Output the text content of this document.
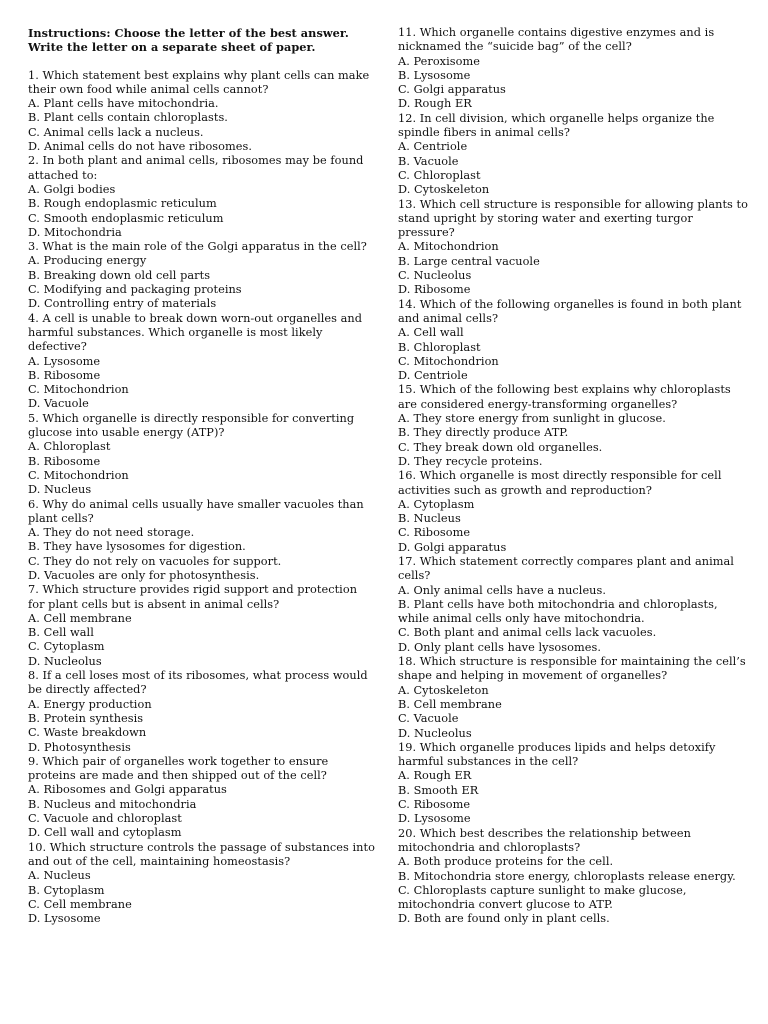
Instructions: Choose the letter of the best answer. Write the letter on a separate sheet of paper.

1. Which statement best explains why plant cells can make their own food while animal cells cannot?
A. Plant cells have mitochondria.
B. Plant cells contain chloroplasts.
C. Animal cells lack a nucleus.
D. Animal cells do not have ribosomes.
2. In both plant and animal cells, ribosomes may be found attached to:
A. Golgi bodies
B. Rough endoplasmic reticulum
C. Smooth endoplasmic reticulum
D. Mitochondria
3. What is the main role of the Golgi apparatus in the cell?
A. Producing energy
B. Breaking down old cell parts
C. Modifying and packaging proteins
D. Controlling entry of materials
4. A cell is unable to break down worn-out organelles and harmful substances. Which organelle is most likely defective?
A. Lysosome
B. Ribosome
C. Mitochondrion
D. Vacuole
5. Which organelle is directly responsible for converting glucose into usable energy (ATP)?
A. Chloroplast
B. Ribosome
C. Mitochondrion
D. Nucleus
6. Why do animal cells usually have smaller vacuoles than plant cells?
A. They do not need storage.
B. They have lysosomes for digestion.
C. They do not rely on vacuoles for support.
D. Vacuoles are only for photosynthesis.
7. Which structure provides rigid support and protection for plant cells but is absent in animal cells?
A. Cell membrane
B. Cell wall
C. Cytoplasm
D. Nucleolus
8. If a cell loses most of its ribosomes, what process would be directly affected?
A. Energy production
B. Protein synthesis
C. Waste breakdown
D. Photosynthesis
9. Which pair of organelles work together to ensure proteins are made and then shipped out of the cell?
A. Ribosomes and Golgi apparatus
B. Nucleus and mitochondria
C. Vacuole and chloroplast
D. Cell wall and cytoplasm
10. Which structure controls the passage of substances into and out of the cell, maintaining homeostasis?
A. Nucleus
B. Cytoplasm
C. Cell membrane
D. Lysosome
11. Which organelle contains digestive enzymes and is nicknamed the “suicide bag” of the cell?
A. Peroxisome
B. Lysosome
C. Golgi apparatus
D. Rough ER
12. In cell division, which organelle helps organize the spindle fibers in animal cells?
A. Centriole
B. Vacuole
C. Chloroplast
D. Cytoskeleton
13. Which cell structure is responsible for allowing plants to stand upright by storing water and exerting turgor pressure?
A. Mitochondrion
B. Large central vacuole
C. Nucleolus
D. Ribosome
14. Which of the following organelles is found in both plant and animal cells?
A. Cell wall
B. Chloroplast
C. Mitochondrion
D. Centriole
15. Which of the following best explains why chloroplasts are considered energy-transforming organelles?
A. They store energy from sunlight in glucose.
B. They directly produce ATP.
C. They break down old organelles.
D. They recycle proteins.
16. Which organelle is most directly responsible for cell activities such as growth and reproduction?
A. Cytoplasm
B. Nucleus
C. Ribosome
D. Golgi apparatus
17. Which statement correctly compares plant and animal cells?
A. Only animal cells have a nucleus.
B. Plant cells have both mitochondria and chloroplasts, while animal cells only have mitochondria.
C. Both plant and animal cells lack vacuoles.
D. Only plant cells have lysosomes.
18. Which structure is responsible for maintaining the cell’s shape and helping in movement of organelles?
A. Cytoskeleton
B. Cell membrane
C. Vacuole
D. Nucleolus
19. Which organelle produces lipids and helps detoxify harmful substances in the cell?
A. Rough ER
B. Smooth ER
C. Ribosome
D. Lysosome
20. Which best describes the relationship between mitochondria and chloroplasts?
A. Both produce proteins for the cell.
B. Mitochondria store energy, chloroplasts release energy.
C. Chloroplasts capture sunlight to make glucose, mitochondria convert glucose to ATP.
D. Both are found only in plant cells.
